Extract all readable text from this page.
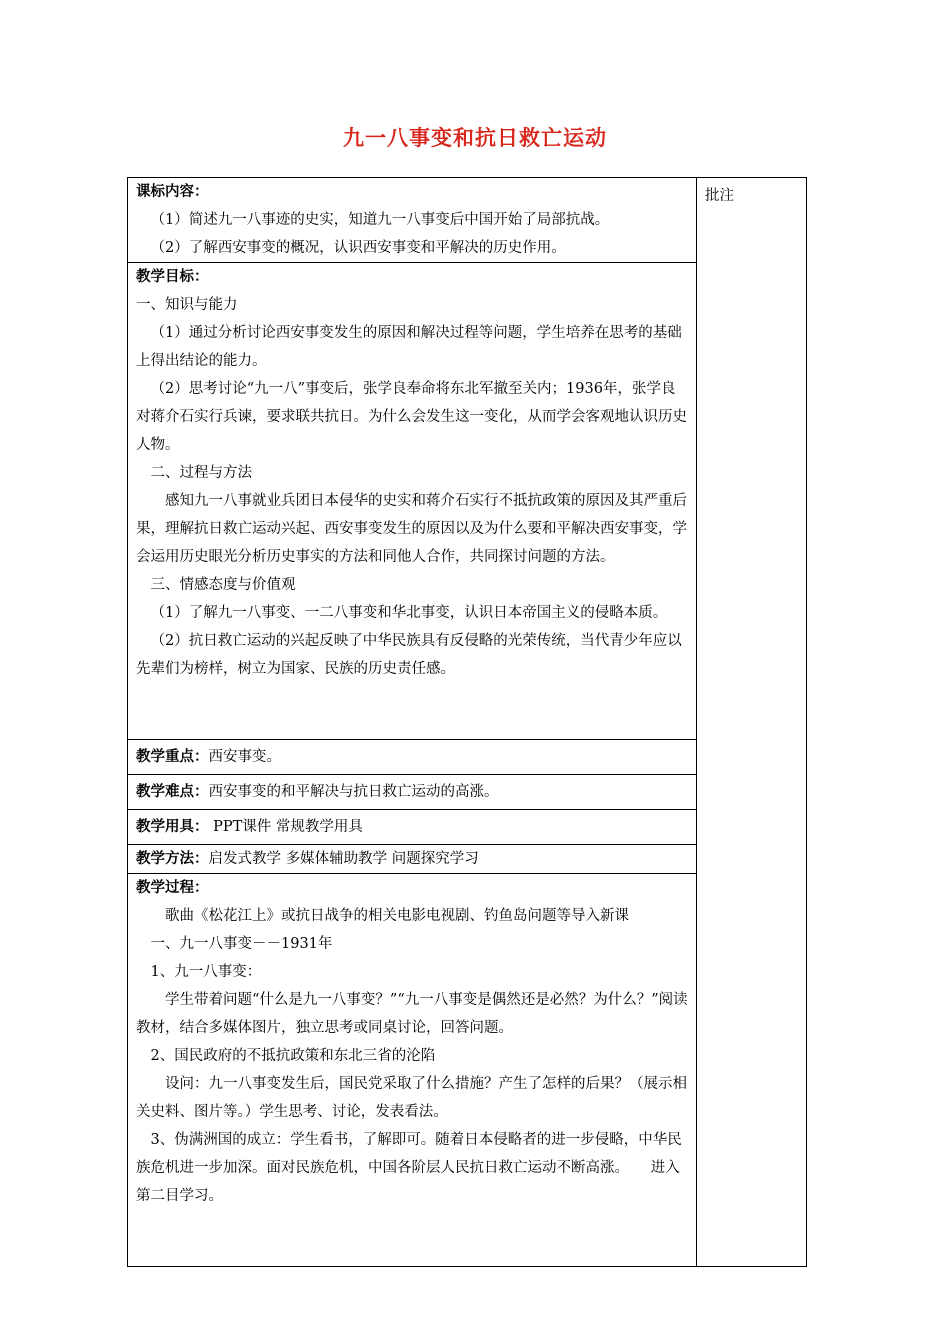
九一八事变和抗日救亡运动

课标内容：

（1）简述九一八事迹的史实，知道九一八事变后中国开始了局部抗战。

（2）了解西安事变的概况，认识西安事变和平解决的历史作用。

	批注

教学目标：

一、知识与能力

（1）通过分析讨论西安事变发生的原因和解决过程等问题，学生培养在思考的基础上得出结论的能力。

（2）思考讨论“九一八”事变后，张学良奉命将东北军撤至关内；1936年，张学良对蒋介石实行兵谏，要求联共抗日。为什么会发生这一变化，从而学会客观地认识历史人物。

二、过程与方法

感知九一八事就业兵团日本侵华的史实和蒋介石实行不抵抗政策的原因及其严重后果，理解抗日救亡运动兴起、西安事变发生的原因以及为什么要和平解决西安事变，学会运用历史眼光分析历史事实的方法和同他人合作，共同探讨问题的方法。

三、情感态度与价值观

（1）了解九一八事变、一二八事变和华北事变，认识日本帝国主义的侵略本质。

（2）抗日救亡运动的兴起反映了中华民族具有反侵略的光荣传统，当代青少年应以先辈们为榜样，树立为国家、民族的历史责任感。

教学重点：西安事变。
教学难点：西安事变的和平解决与抗日救亡运动的高涨。
教学用具： PPT课件 常规教学用具
教学方法：启发式教学 多媒体辅助教学 问题探究学习

教学过程：

歌曲《松花江上》或抗日战争的相关电影电视剧、钓鱼岛问题等导入新课

一、九一八事变－－1931年

1、九一八事变：

学生带着问题“什么是九一八事变？”“九一八事变是偶然还是必然？为什么？”阅读教材，结合多媒体图片，独立思考或同桌讨论，回答问题。

2、国民政府的不抵抗政策和东北三省的沦陷

设问：九一八事变发生后，国民党采取了什么措施？产生了怎样的后果？（展示相关史料、图片等。）学生思考、讨论，发表看法。

3、伪满洲国的成立：学生看书，了解即可。随着日本侵略者的进一步侵略，中华民族危机进一步加深。面对民族危机，中国各阶层人民抗日救亡运动不断高涨。　　进入第二目学习。
